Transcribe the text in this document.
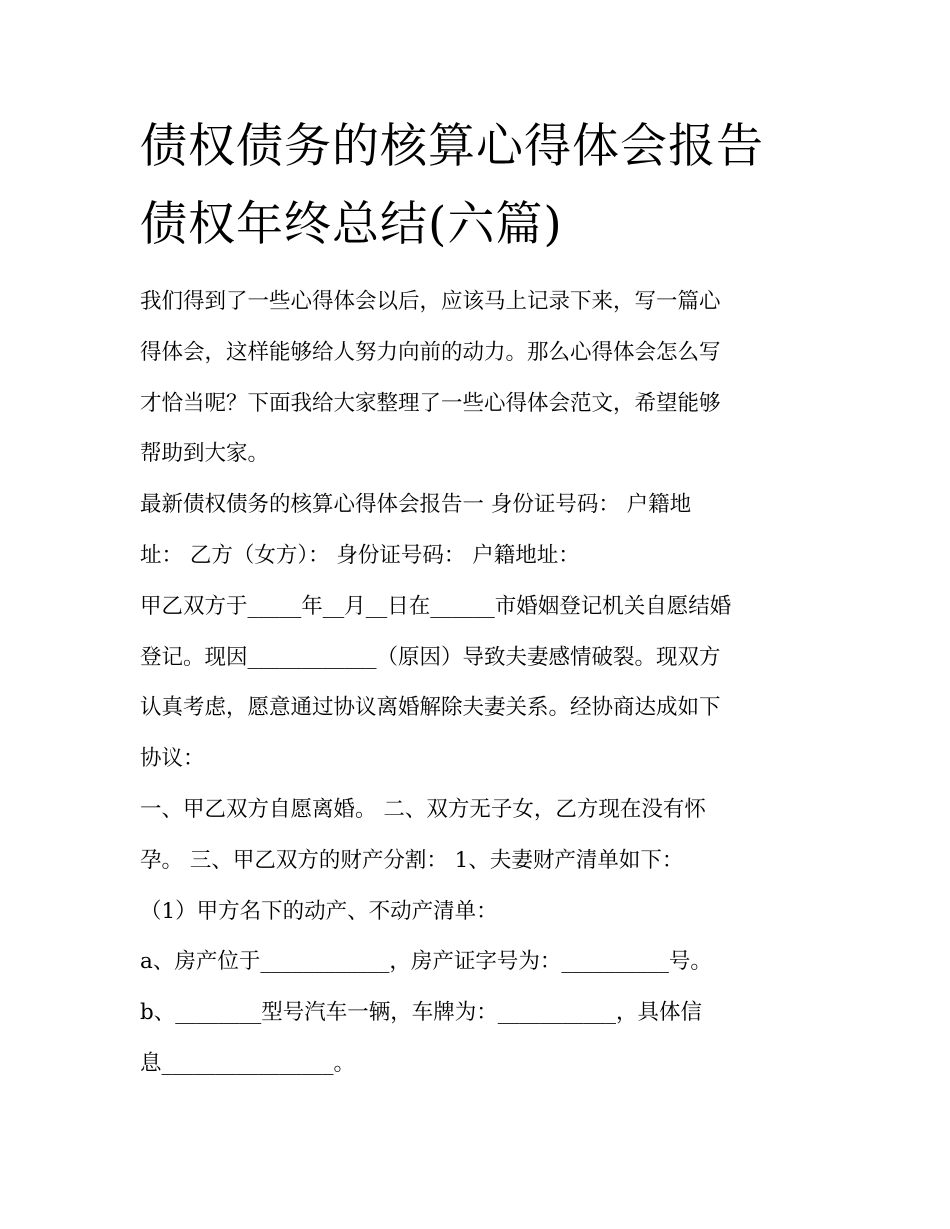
债权债务的核算心得体会报告
债权年终总结(六篇)

我们得到了一些心得体会以后，应该马上记录下来，写一篇心
得体会，这样能够给人努力向前的动力。那么心得体会怎么写
才恰当呢？下面我给大家整理了一些心得体会范文，希望能够
帮助到大家。

最新债权债务的核算心得体会报告一 身份证号码： 户籍地
址： 乙方（女方）： 身份证号码： 户籍地址：

甲乙双方于_____年__月__日在______市婚姻登记机关自愿结婚
登记。现因____________（原因）导致夫妻感情破裂。现双方
认真考虑，愿意通过协议离婚解除夫妻关系。经协商达成如下
协议：

一、甲乙双方自愿离婚。 二、双方无子女，乙方现在没有怀
孕。 三、甲乙双方的财产分割： 1、夫妻财产清单如下：

（1）甲方名下的动产、不动产清单：

a、房产位于____________，房产证字号为：__________号。

b、________型号汽车一辆，车牌为：___________，具体信
息________________。
